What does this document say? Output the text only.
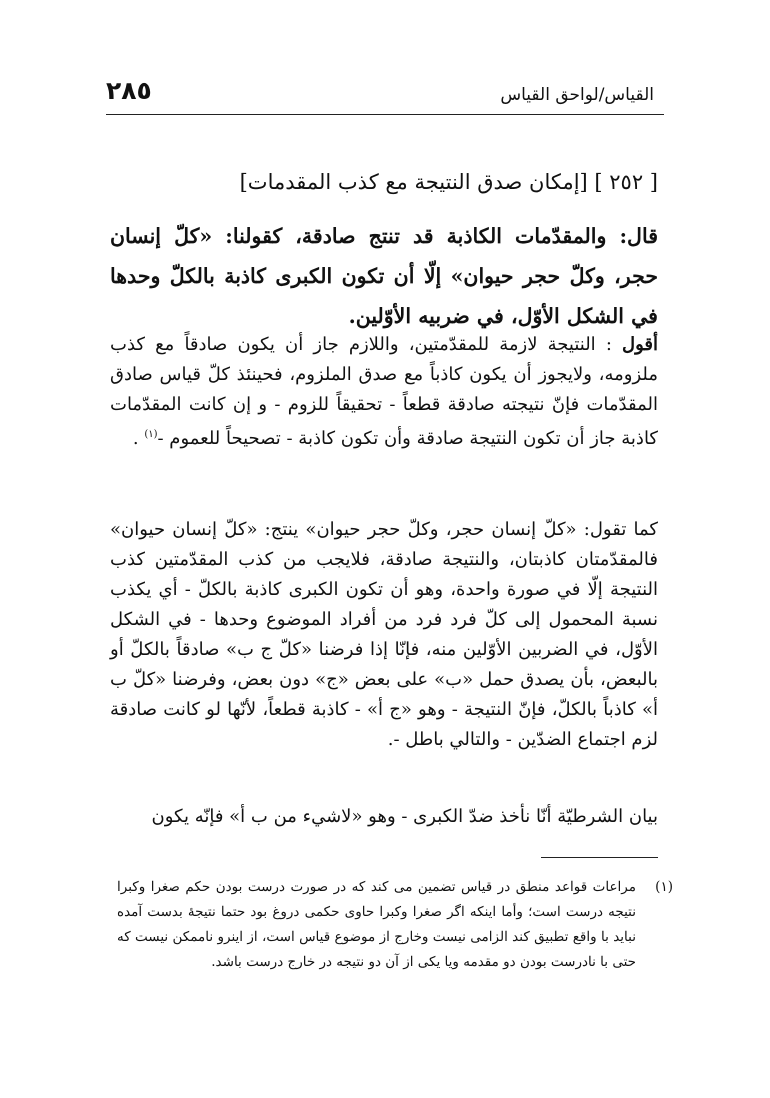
القياس/لواحق القياس
٢٨٥
[ ٢٥٢ ] [إمكان صدق النتيجة مع كذب المقدمات]
قال: والمقدّمات الكاذبة قد تنتج صادقة، كقولنا: «كلّ إنسان حجر، وكلّ حجر حيوان» إلّا أن تكون الكبرى كاذبة بالكلّ وحدها في الشكل الأوّل، في ضربيه الأوّلين.
أقول : النتيجة لازمة للمقدّمتين، واللازم جاز أن يكون صادقاً مع كذب ملزومه، ولايجوز أن يكون كاذباً مع صدق الملزوم، فحينئذ كلّ قياس صادق المقدّمات فإنّ نتيجته صادقة قطعاً - تحقيقاً للزوم - و إن كانت المقدّمات كاذبة جاز أن تكون النتيجة صادقة وأن تكون كاذبة - تصحيحاً للعموم -$^{(١)}$ .
كما تقول: «كلّ إنسان حجر، وكلّ حجر حيوان» ينتج: «كلّ إنسان حيوان» فالمقدّمتان كاذبتان، والنتيجة صادقة، فلايجب من كذب المقدّمتين كذب النتيجة إلّا في صورة واحدة، وهو أن تكون الكبرى كاذبة بالكلّ - أي يكذب نسبة المحمول إلى كلّ فرد فرد من أفراد الموضوع وحدها - في الشكل الأوّل، في الضربين الأوّلين منه، فإنّا إذا فرضنا «كلّ ج ب» صادقاً بالكلّ أو بالبعض، بأن يصدق حمل «ب» على بعض «ج» دون بعض، وفرضنا «كلّ ب أ» كاذباً بالكلّ، فإنّ النتيجة - وهو «ج أ» - كاذبة قطعاً، لأنّها لو كانت صادقة لزم اجتماع الضدّين - والتالي باطل -.
بيان الشرطيّة أنّا نأخذ ضدّ الكبرى - وهو «لاشيء من ب أ» فإنّه يكون
(١)
مراعات قواعد منطق در قياس تضمين مى كند كه در صورت درست بودن حكم صغرا وكبرا نتيجه درست است؛ وأما اينكه اگر صغرا وكبرا حاوى حكمى دروغ بود حتما نتيجهٔ بدست آمده نبايد با واقع تطبيق كند الزامى نيست وخارج از موضوع قياس است، از اينرو ناممكن نيست كه حتى با نادرست بودن دو مقدمه ويا يكى از آن دو نتيجه در خارج درست باشد.
